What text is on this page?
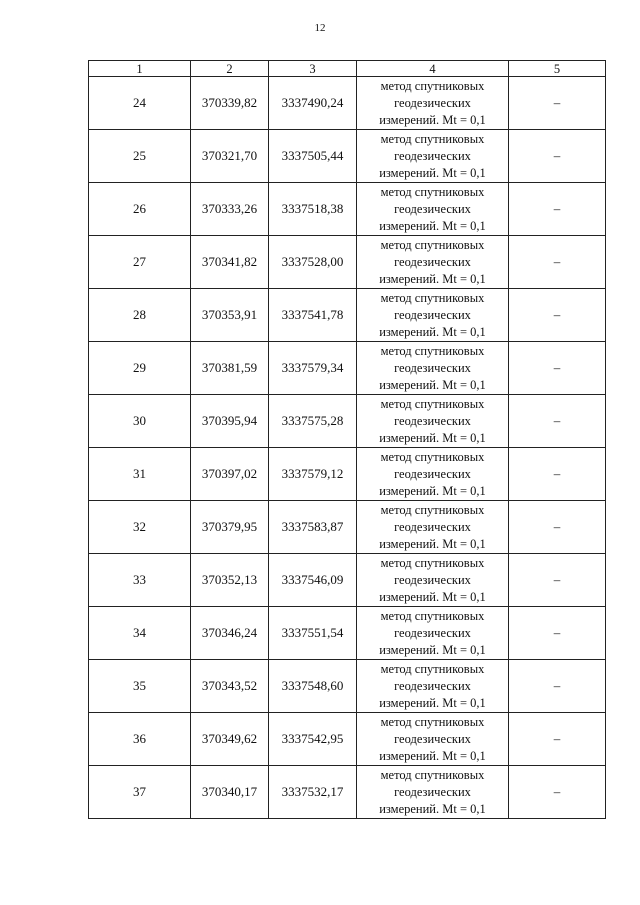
12
1	2	3	4	5
24	370339,82	3337490,24	метод спутниковых
геодезических
измерений. Mt = 0,1	–
25	370321,70	3337505,44	метод спутниковых
геодезических
измерений. Mt = 0,1	–
26	370333,26	3337518,38	метод спутниковых
геодезических
измерений. Mt = 0,1	–
27	370341,82	3337528,00	метод спутниковых
геодезических
измерений. Mt = 0,1	–
28	370353,91	3337541,78	метод спутниковых
геодезических
измерений. Mt = 0,1	–
29	370381,59	3337579,34	метод спутниковых
геодезических
измерений. Mt = 0,1	–
30	370395,94	3337575,28	метод спутниковых
геодезических
измерений. Mt = 0,1	–
31	370397,02	3337579,12	метод спутниковых
геодезических
измерений. Mt = 0,1	–
32	370379,95	3337583,87	метод спутниковых
геодезических
измерений. Mt = 0,1	–
33	370352,13	3337546,09	метод спутниковых
геодезических
измерений. Mt = 0,1	–
34	370346,24	3337551,54	метод спутниковых
геодезических
измерений. Mt = 0,1	–
35	370343,52	3337548,60	метод спутниковых
геодезических
измерений. Mt = 0,1	–
36	370349,62	3337542,95	метод спутниковых
геодезических
измерений. Mt = 0,1	–
37	370340,17	3337532,17	метод спутниковых
геодезических
измерений. Mt = 0,1	–
